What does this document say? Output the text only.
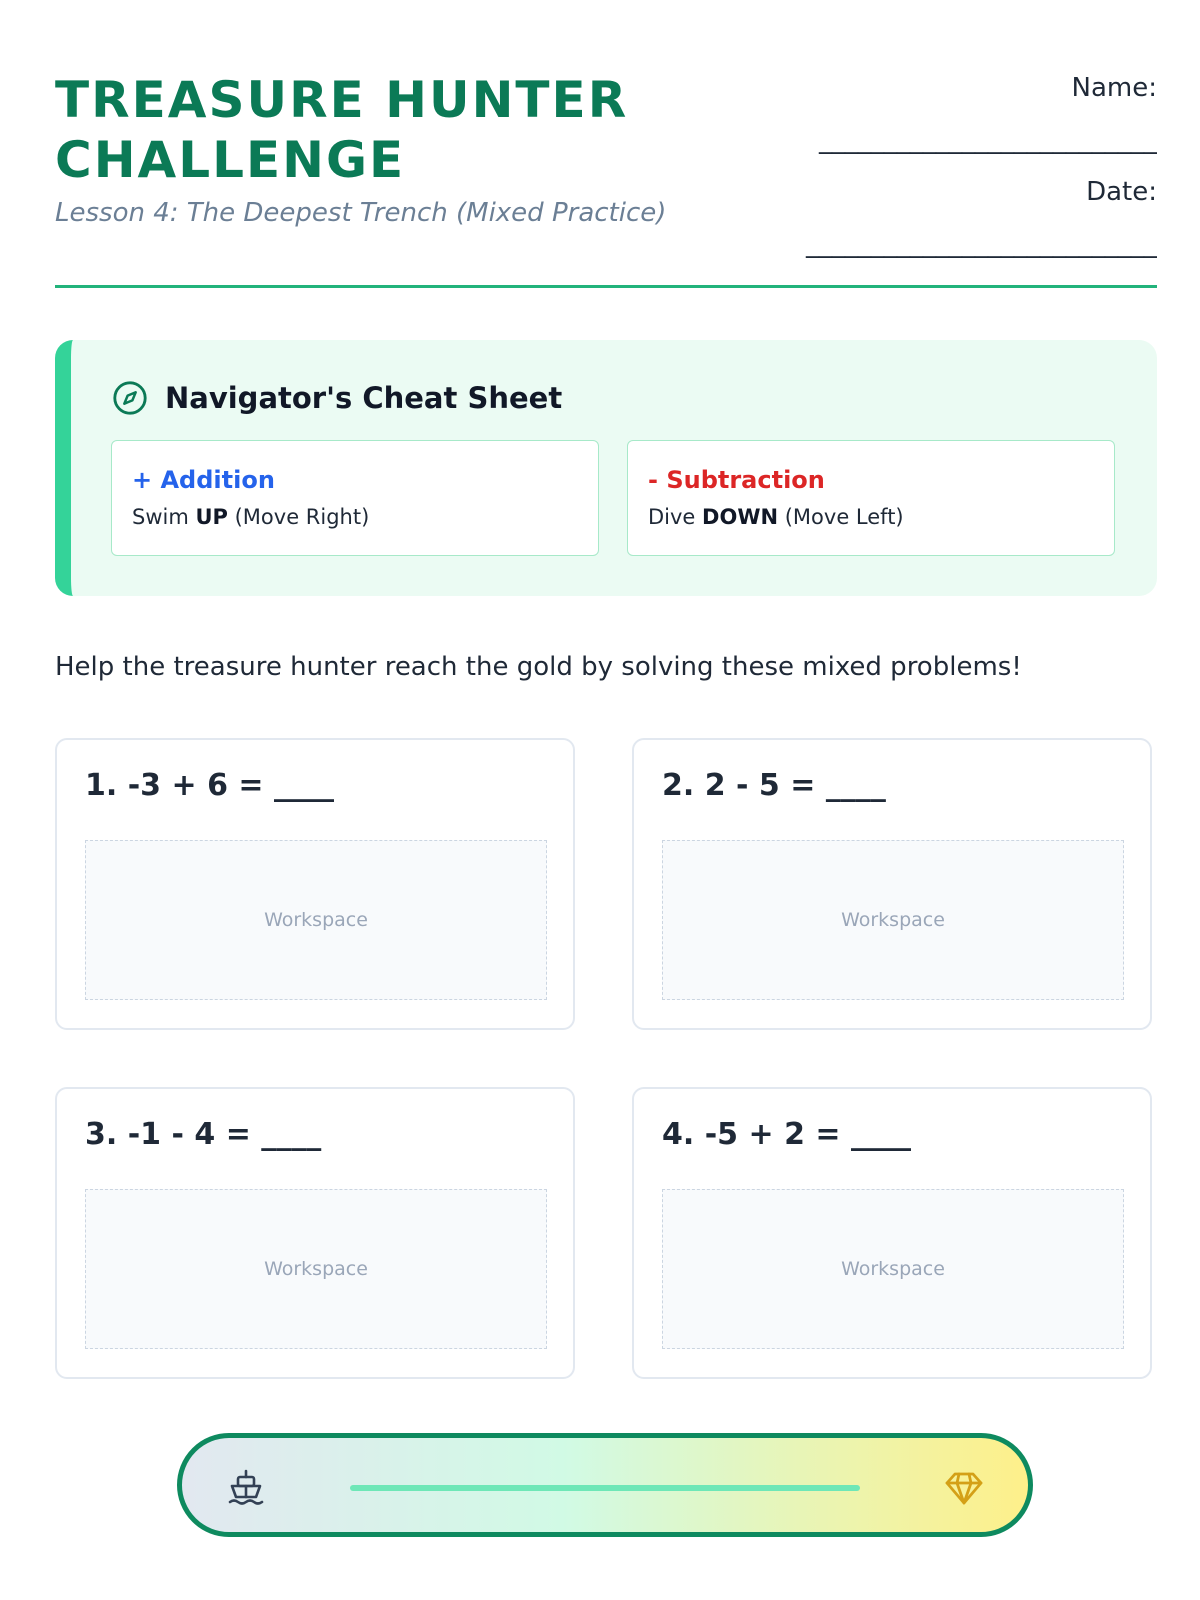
TREASURE HUNTER CHALLENGE
Lesson 4: The Deepest Trench (Mixed Practice)
Name:
__________________________
Date:
___________________________
Navigator's Cheat Sheet
+ Addition
Swim UP (Move Right)
- Subtraction
Dive DOWN (Move Left)
Help the treasure hunter reach the gold by solving these mixed problems!
1. -3 + 6 = ____
Workspace
2. 2 - 5 = ____
Workspace
3. -1 - 4 = ____
Workspace
4. -5 + 2 = ____
Workspace
